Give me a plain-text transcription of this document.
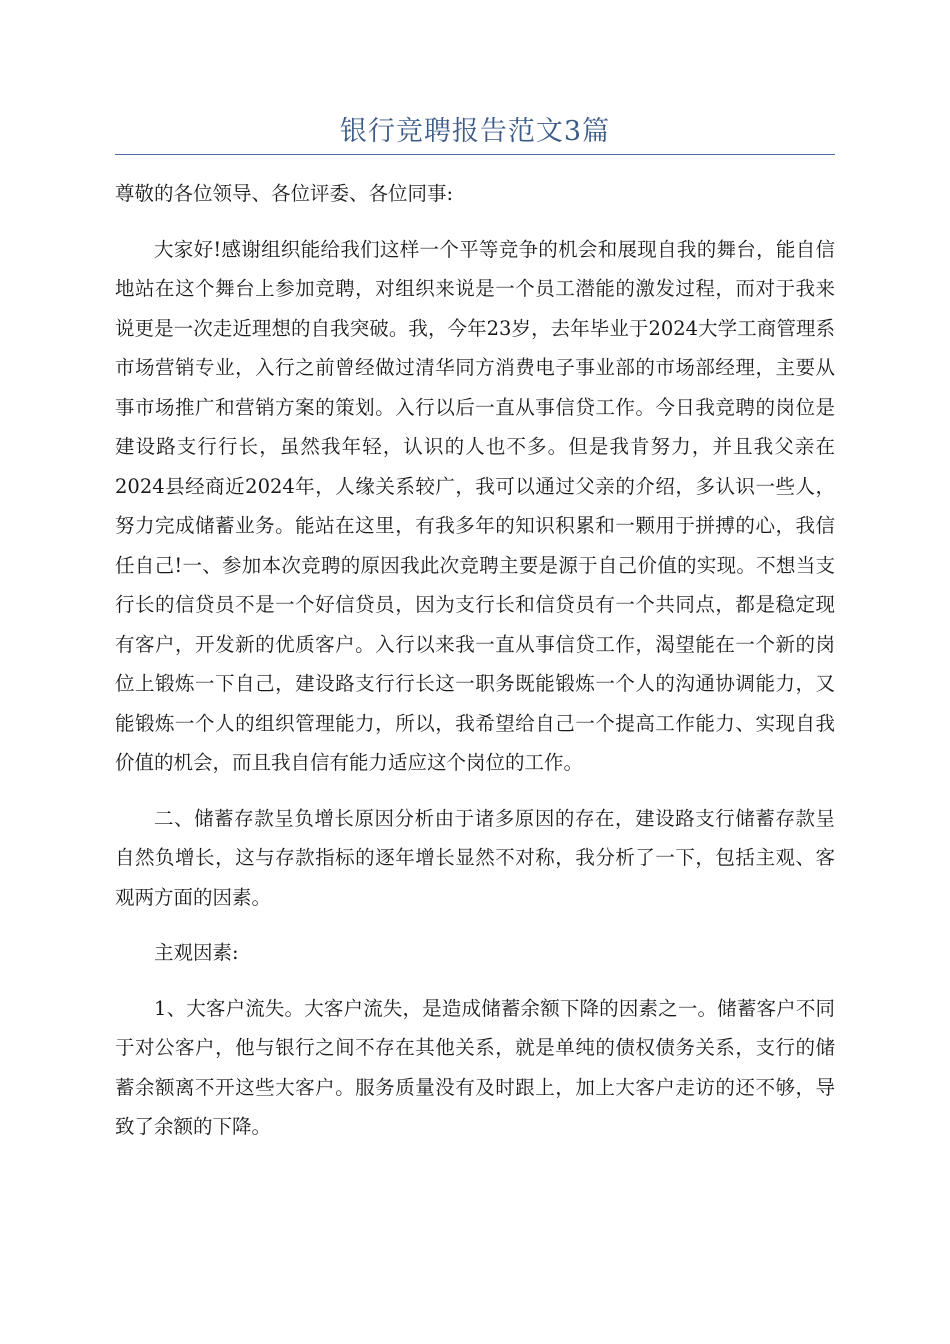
银行竞聘报告范文3篇

尊敬的各位领导、各位评委、各位同事:

大家好!感谢组织能给我们这样一个平等竞争的机会和展现自我的舞台，能自信地站在这个舞台上参加竞聘，对组织来说是一个员工潜能的激发过程，而对于我来说更是一次走近理想的自我突破。我，今年23岁，去年毕业于2024大学工商管理系市场营销专业，入行之前曾经做过清华同方消费电子事业部的市场部经理，主要从事市场推广和营销方案的策划。入行以后一直从事信贷工作。今日我竞聘的岗位是建设路支行行长，虽然我年轻，认识的人也不多。但是我肯努力，并且我父亲在2024县经商近2024年，人缘关系较广，我可以通过父亲的介绍，多认识一些人，努力完成储蓄业务。能站在这里，有我多年的知识积累和一颗用于拼搏的心，我信任自己!一、参加本次竞聘的原因我此次竞聘主要是源于自己价值的实现。不想当支行长的信贷员不是一个好信贷员，因为支行长和信贷员有一个共同点，都是稳定现有客户，开发新的优质客户。入行以来我一直从事信贷工作，渴望能在一个新的岗位上锻炼一下自己，建设路支行行长这一职务既能锻炼一个人的沟通协调能力，又能锻炼一个人的组织管理能力，所以，我希望给自己一个提高工作能力、实现自我价值的机会，而且我自信有能力适应这个岗位的工作。

二、储蓄存款呈负增长原因分析由于诸多原因的存在，建设路支行储蓄存款呈自然负增长，这与存款指标的逐年增长显然不对称，我分析了一下，包括主观、客观两方面的因素。

主观因素:

1、大客户流失。大客户流失，是造成储蓄余额下降的因素之一。储蓄客户不同于对公客户，他与银行之间不存在其他关系，就是单纯的债权债务关系，支行的储蓄余额离不开这些大客户。服务质量没有及时跟上，加上大客户走访的还不够，导致了余额的下降。
